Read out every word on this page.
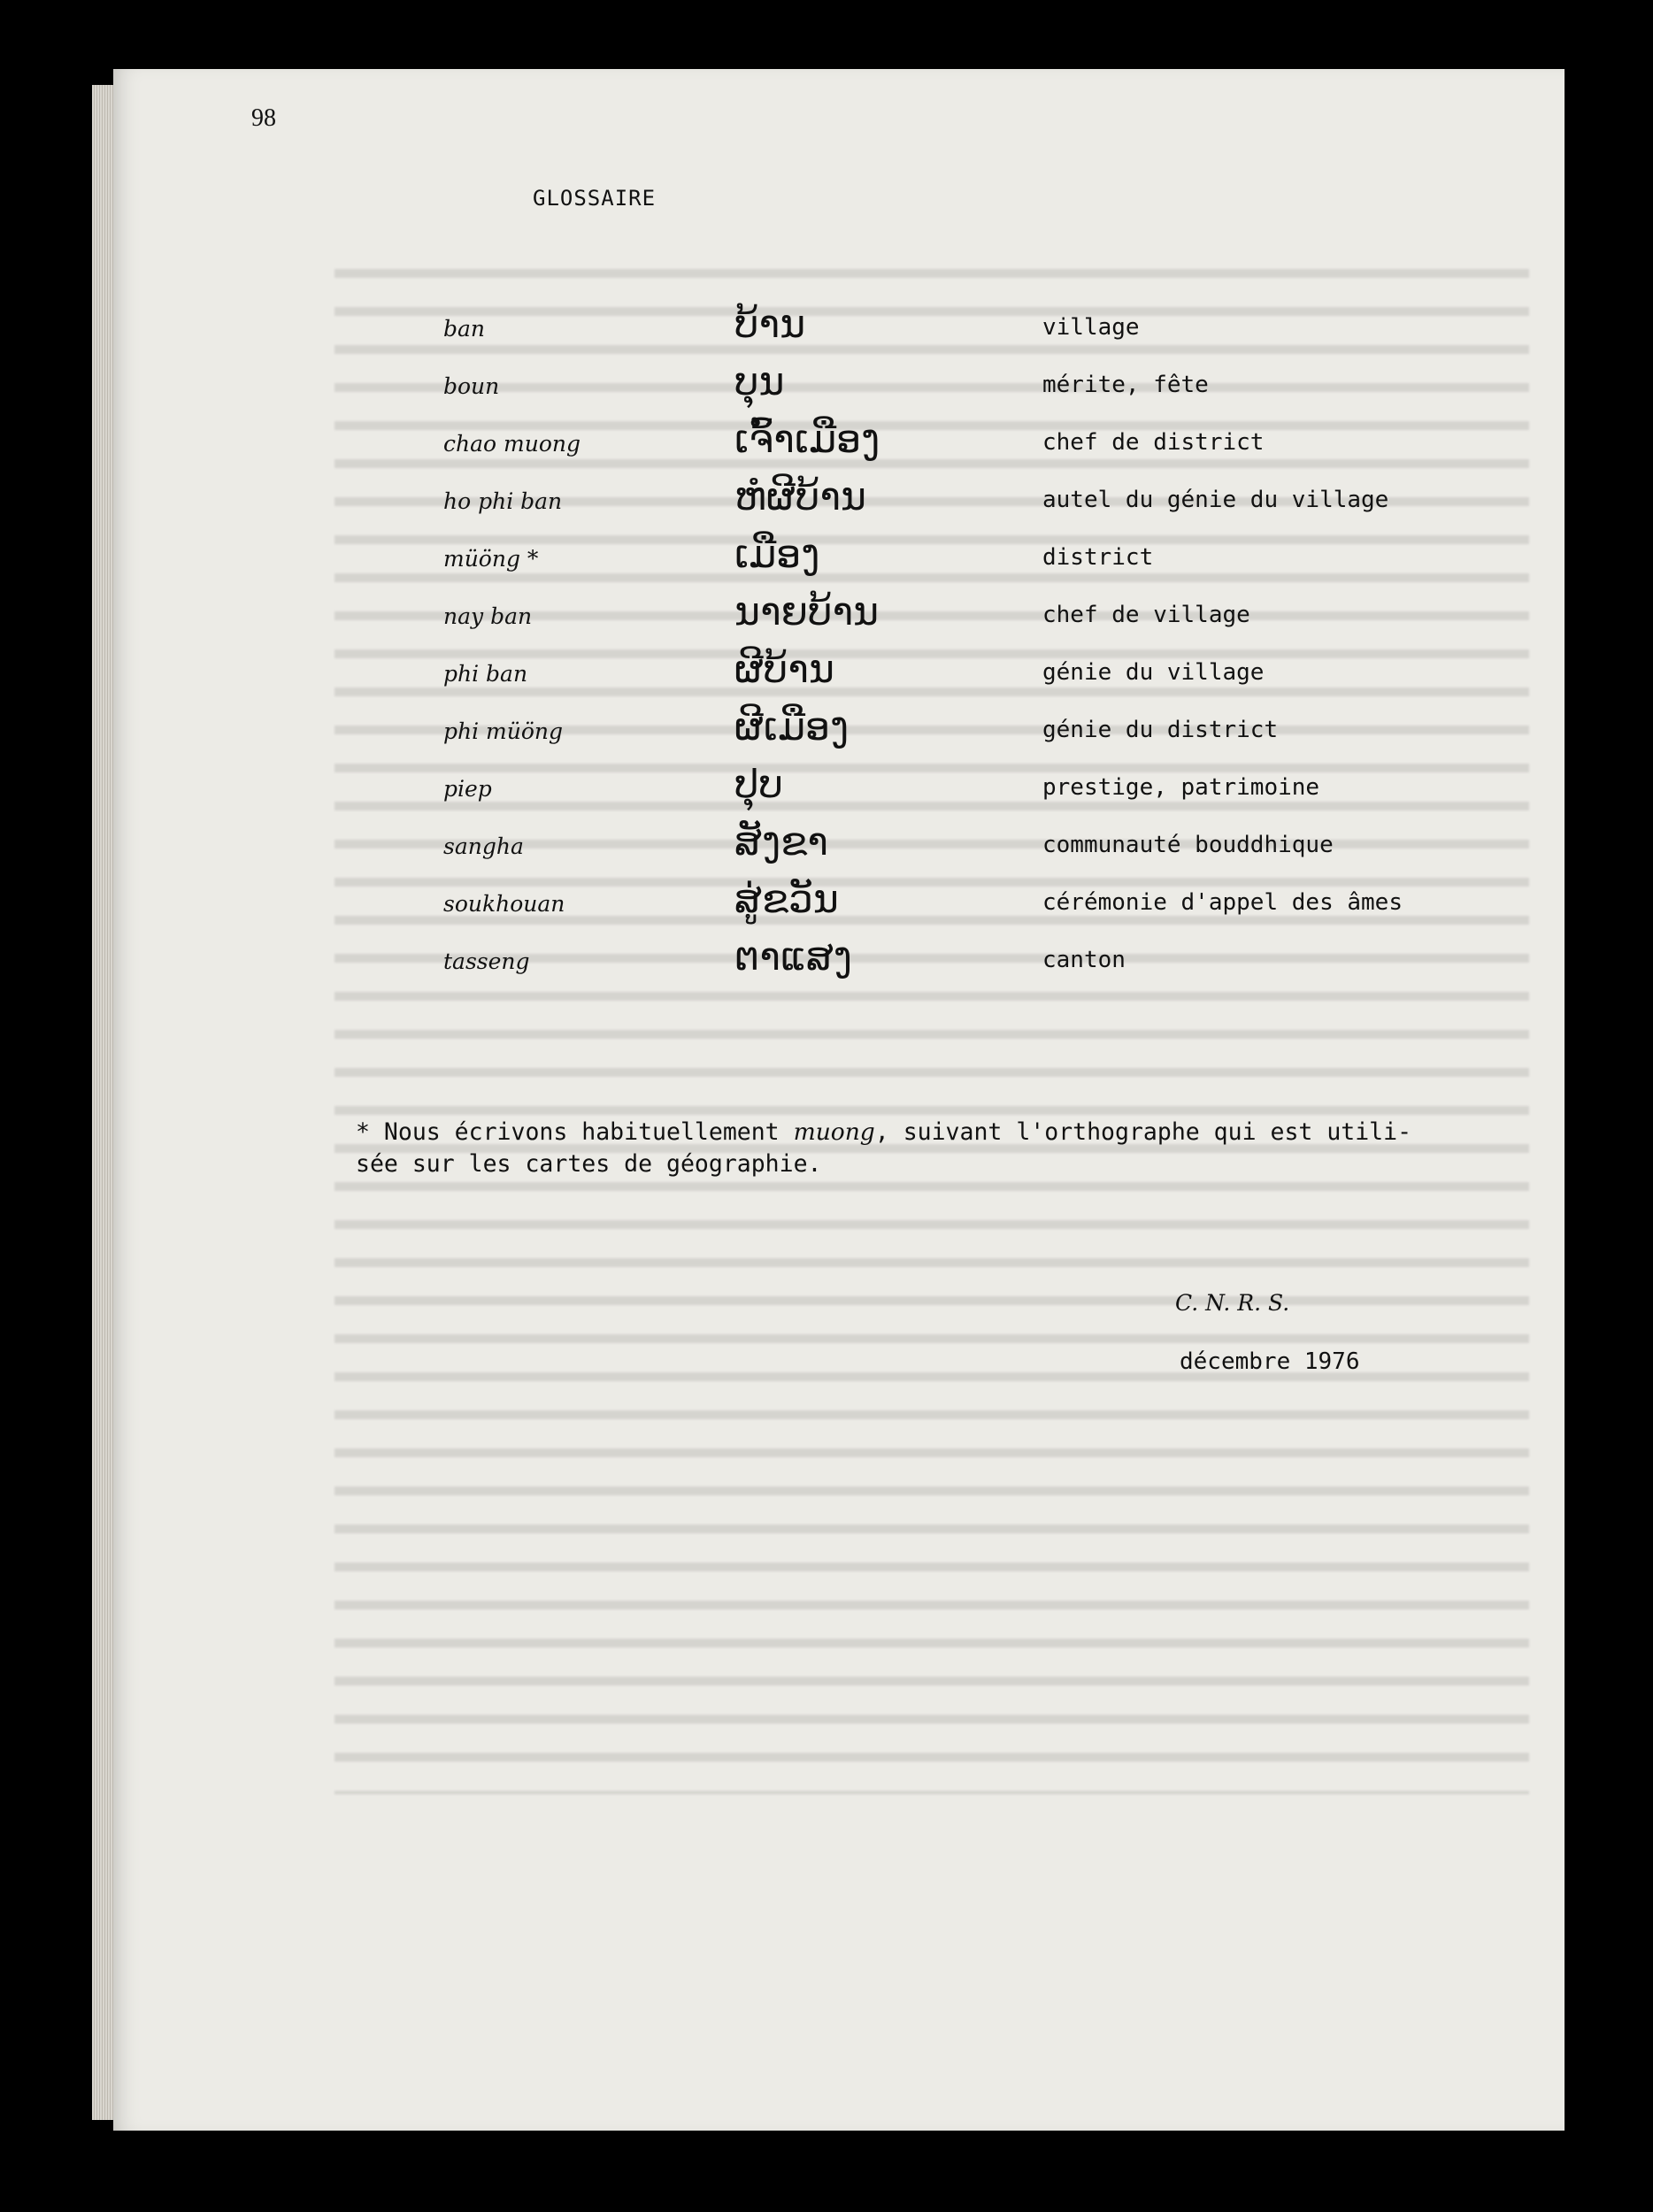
98
GLOSSAIRE
ban	ບ້ານ	village
boun	ບຸນ	mérite, fête
chao muong	ເຈົ້າເມືອງ	chef de district
ho phi ban	ຫໍຜີບ້ານ	autel du génie du village
müöng *	ເມືອງ	district
nay ban	ນາຍບ້ານ	chef de village
phi ban	ຜີບ້ານ	génie du village
phi müöng	ຜີເມືອງ	génie du district
piep	ປຸບ	prestige, patrimoine
sangha	ສັງຂາ	communauté bouddhique
soukhouan	ສູ່ຂວັນ	cérémonie d'appel des âmes
tasseng	ຕາແສງ	canton
* Nous écrivons habituellement muong, suivant l'orthographe qui est utili-
sée sur les cartes de géographie.
C. N. R. S.
décembre 1976
